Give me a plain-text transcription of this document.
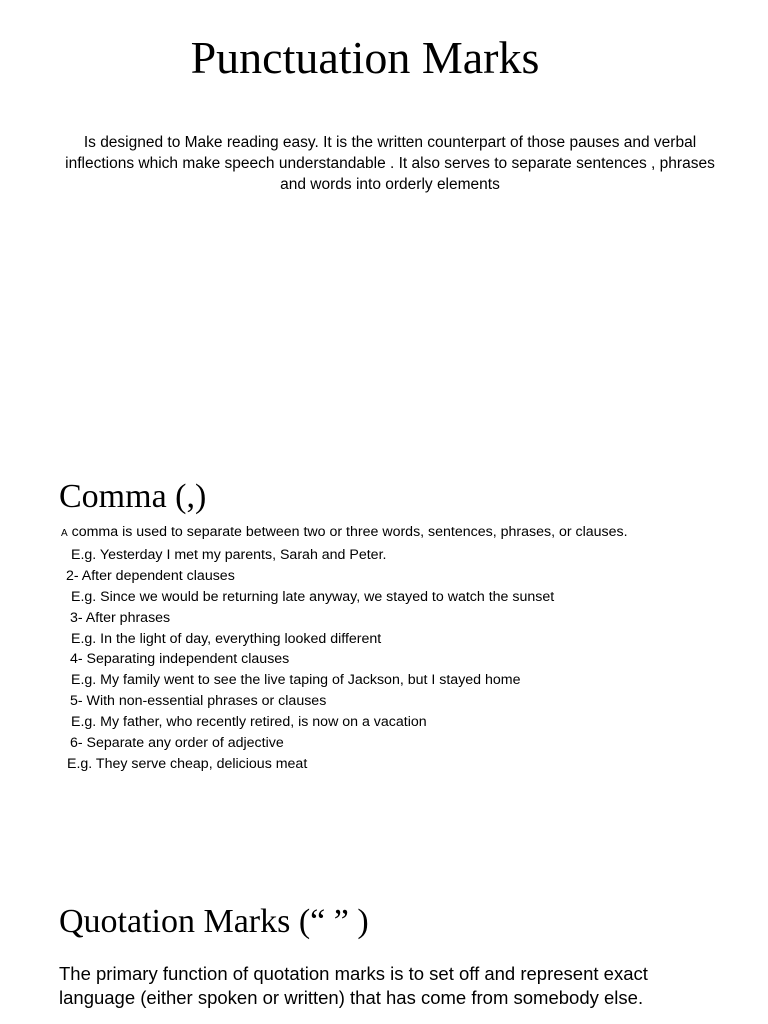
Punctuation Marks

Is designed to Make reading easy. It is the written counterpart of those pauses and verbal inflections which make speech understandable . It also serves to separate sentences , phrases and words into orderly elements

Comma (,)
A comma is used to separate between two or three words, sentences, phrases, or clauses.
E.g. Yesterday I met my parents, Sarah and Peter.
2- After dependent clauses
E.g. Since we would be returning late anyway, we stayed to watch the sunset
3- After phrases
E.g. In the light of day, everything looked different
4- Separating independent clauses
E.g. My family went to see the live taping of Jackson, but I stayed home
5- With non-essential phrases or clauses
E.g. My father, who recently retired, is now on a vacation
6- Separate any order of adjective
E.g. They serve cheap, delicious meat
Quotation Marks (“ ” )

The primary function of quotation marks is to set off and represent exact language (either spoken or written) that has come from somebody else.
